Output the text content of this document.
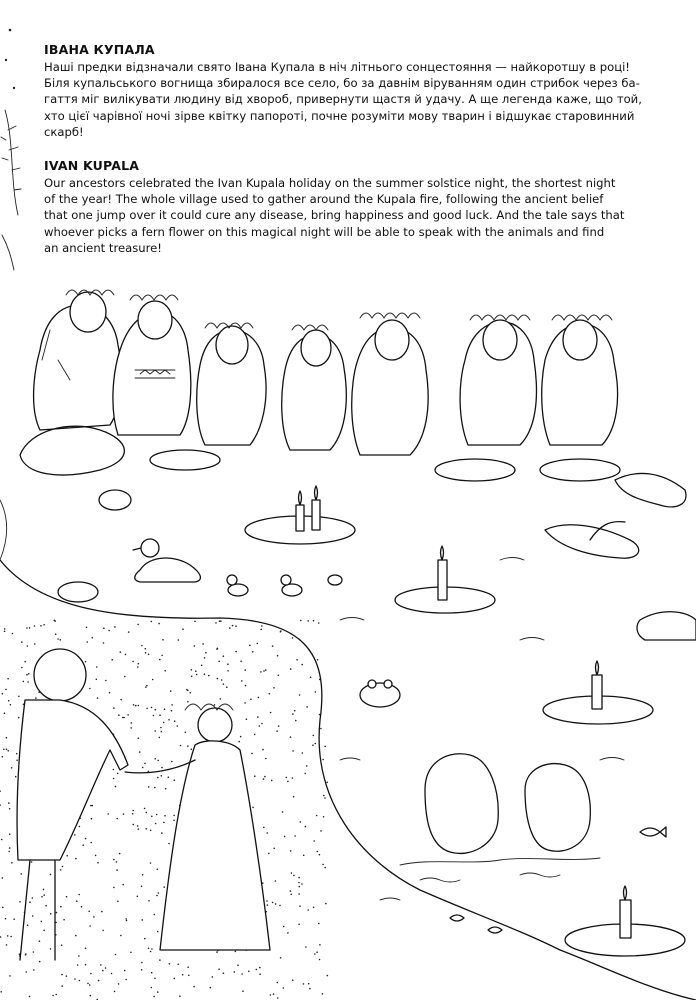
ІВАНА КУПАЛА

Наші предки відзначали свято Івана Купала в ніч літнього сонцестояння — найкоротшу в році!
Біля купальського вогнища збиралося все село, бо за давнім віруванням один стрибок через ба-
гаття міг вилікувати людину від хвороб, привернути щастя й удачу. А ще легенда каже, що той,
хто цієї чарівної ночі зірве квітку папороті, почне розуміти мову тварин і відшукає старовинний
скарб!

IVAN KUPALA

Our ancestors celebrated the Ivan Kupala holiday on the summer solstice night, the shortest night
of the year! The whole village used to gather around the Kupala fire, following the ancient belief
that one jump over it could cure any disease, bring happiness and good luck. And the tale says that
whoever picks a fern flower on this magical night will be able to speak with the animals and find
an ancient treasure!
